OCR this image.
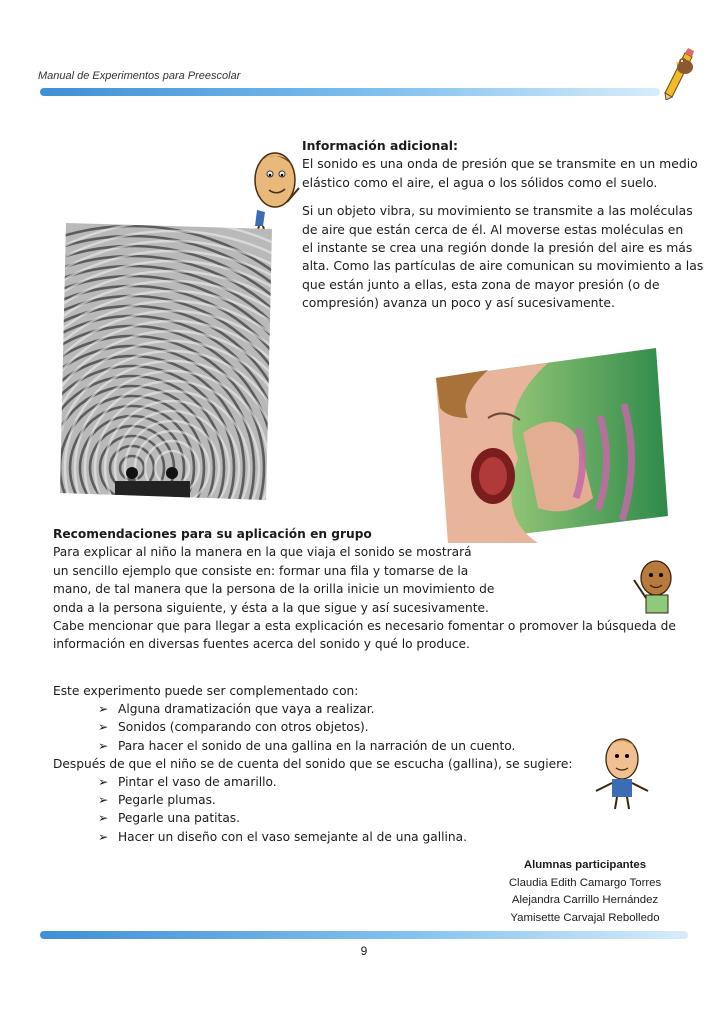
Manual de Experimentos para Preescolar

Información adicional:
El sonido es una onda de presión que se transmite en un medio
elástico como el aire, el agua o los sólidos como el suelo.

Si un objeto vibra, su movimiento se transmite a las moléculas
de aire que están cerca de él. Al moverse estas moléculas en
el instante se crea una región donde la presión del aire es más
alta. Como las partículas de aire comunican su movimiento a las
que están junto a ellas, esta zona de mayor presión (o de
compresión) avanza un poco y así sucesivamente.

Recomendaciones para su aplicación en grupo
Para explicar al niño la manera en la que viaja el sonido se mostrará
un sencillo ejemplo que consiste en: formar una fila y tomarse de la
mano, de tal manera que la persona de la orilla inicie un movimiento de
onda a la persona siguiente, y ésta a la que sigue y así sucesivamente.
Cabe mencionar que para llegar a esta explicación es necesario fomentar o promover la búsqueda de
información en diversas fuentes acerca del sonido y qué lo produce.
Este experimento puede ser complementado con:
➢ Alguna dramatización que vaya a realizar.
➢ Sonidos (comparando con otros objetos).
➢ Para hacer el sonido de una gallina en la narración de un cuento.
Después de que el niño se de cuenta del sonido que se escucha (gallina), se sugiere:
➢ Pintar el vaso de amarillo.
➢ Pegarle plumas.
➢ Pegarle una patitas.
➢ Hacer un diseño con el vaso semejante al de una gallina.
Alumnas participantes
Claudia Edith Camargo Torres
Alejandra Carrillo Hernández
Yamisette Carvajal Rebolledo
9
